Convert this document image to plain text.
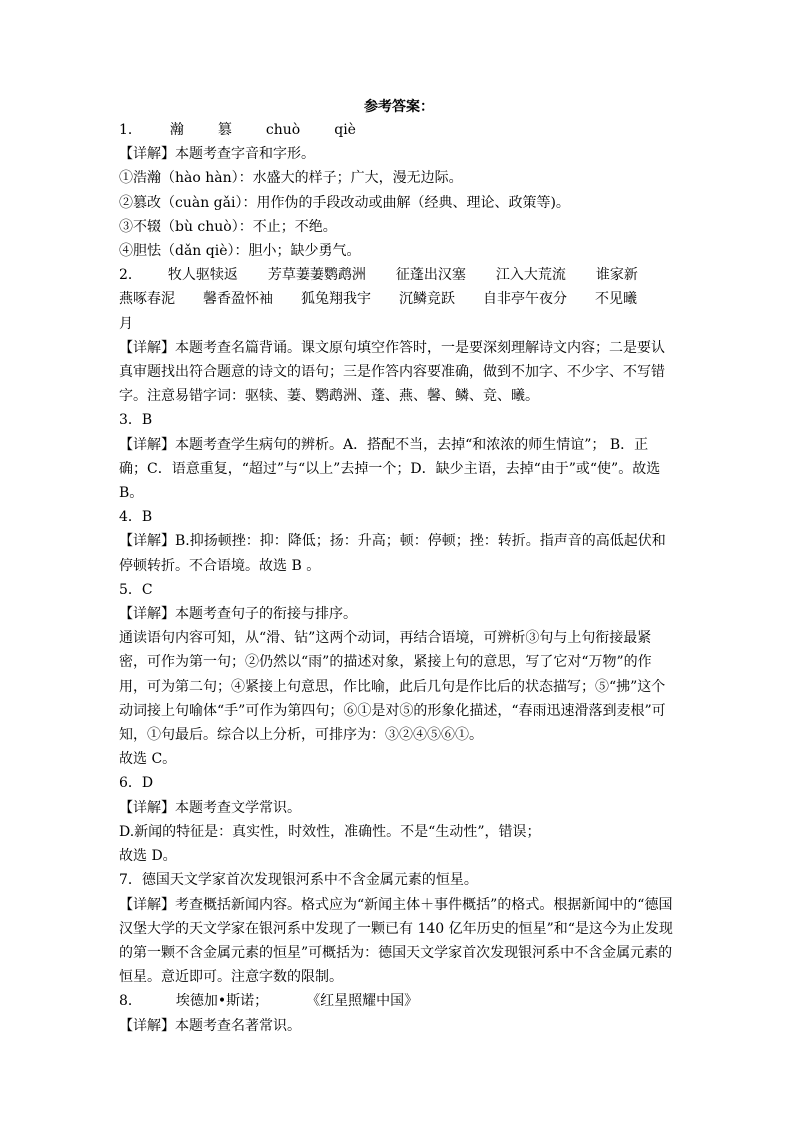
参考答案：
1． 瀚 篡 chuò qiè
【详解】本题考查字音和字形。
①浩瀚（hào hàn）：水盛大的样子；广大，漫无边际。
②篡改（cuàn gǎi）：用作伪的手段改动或曲解（经典、理论、政策等)。
③不辍（bù chuò）：不止；不绝。
④胆怯（dǎn qiè）：胆小；缺少勇气。
2． 牧人驱犊返 芳草萋萋鹦鹉洲 征蓬出汉塞 江入大荒流 谁家新
燕啄春泥 馨香盈怀袖 狐兔翔我宇 沉鳞竞跃 自非亭午夜分 不见曦
月
【详解】本题考查名篇背诵。课文原句填空作答时，一是要深刻理解诗文内容；二是要认
真审题找出符合题意的诗文的语句；三是作答内容要准确，做到不加字、不少字、不写错
字。注意易错字词：驱犊、萋、鹦鹉洲、蓬、燕、馨、鳞、竞、曦。
3．B
【详解】本题考查学生病句的辨析。A．搭配不当，去掉“和浓浓的师生情谊”； B．正
确；C．语意重复，“超过”与“以上”去掉一个；D．缺少主语，去掉“由于”或“使”。故选
B。
4．B
【详解】B.抑扬顿挫：抑：降低；扬：升高；顿：停顿；挫：转折。指声音的高低起伏和
停顿转折。不合语境。故选 B 。
5．C
【详解】本题考查句子的衔接与排序。
通读语句内容可知，从“滑、钻”这两个动词，再结合语境，可辨析③句与上句衔接最紧
密，可作为第一句；②仍然以“雨”的描述对象，紧接上句的意思，写了它对“万物”的作
用，可为第二句；④紧接上句意思，作比喻，此后几句是作比后的状态描写；⑤“拂”这个
动词接上句喻体“手”可作为第四句；⑥①是对⑤的形象化描述，“春雨迅速滑落到麦根”可
知，①句最后。综合以上分析，可排序为：③②④⑤⑥①。
故选 C。
6．D
【详解】本题考查文学常识。
D.新闻的特征是：真实性，时效性，准确性。不是“生动性”，错误；
故选 D。
7．德国天文学家首次发现银河系中不含金属元素的恒星。
【详解】考查概括新闻内容。格式应为“新闻主体＋事件概括”的格式。根据新闻中的“德国
汉堡大学的天文学家在银河系中发现了一颗已有 140 亿年历史的恒星”和“是这今为止发现
的第一颗不含金属元素的恒星”可概括为：德国天文学家首次发现银河系中不含金属元素的
恒星。意近即可。注意字数的限制。
8． 埃德加•斯诺；	《红星照耀中国》
【详解】本题考查名著常识。
